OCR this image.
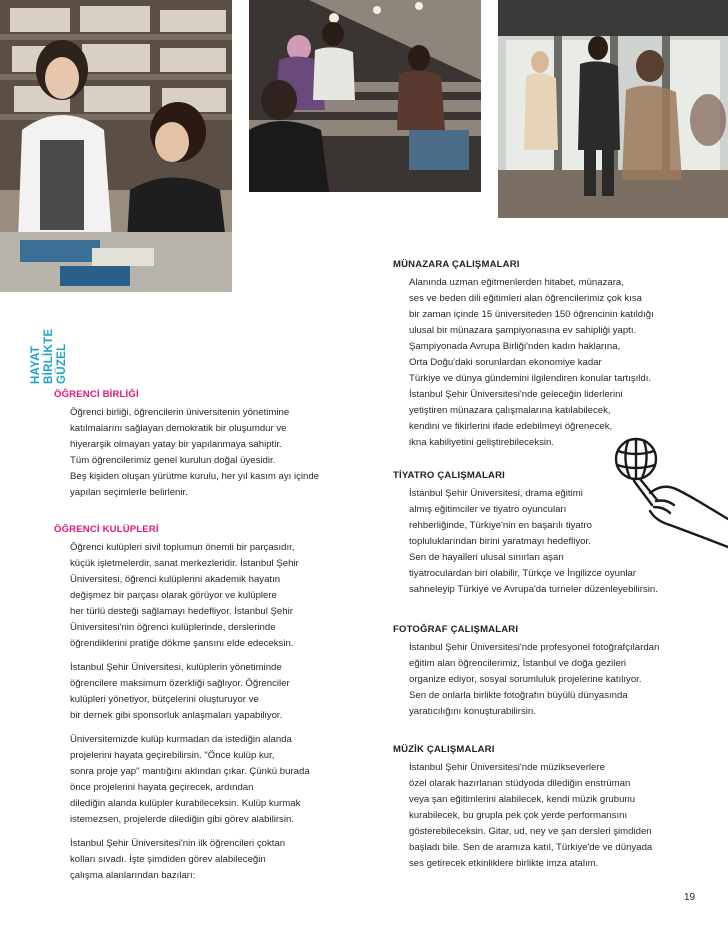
HAYAT BİRLİKTE GÜZEL
ÖĞRENCİ BİRLİĞİ

Öğrenci birliği, öğrencilerin üniversitenin yönetimine
katılmalarını sağlayan demokratik bir oluşumdur ve
hiyerarşik olmayan yatay bir yapılanmaya sahiptir.
Tüm öğrencilerimiz genel kurulun doğal üyesidir.
Beş kişiden oluşan yürütme kurulu, her yıl kasım ayı içinde
yapılan seçimlerle belirlenir.

ÖĞRENCİ KULÜPLERİ

Öğrenci kulüpleri sivil toplumun önemli bir parçasıdır,
küçük işletmelerdir, sanat merkezleridir. İstanbul Şehir
Üniversitesi, öğrenci kulüplerini akademik hayatın
değişmez bir parçası olarak görüyor ve kulüplere
her türlü desteği sağlamayı hedefliyor. İstanbul Şehir
Üniversitesi'nin öğrenci kulüplerinde, derslerinde
öğrendiklerini pratiğe dökme şansını elde edeceksin.

İstanbul Şehir Üniversitesi, kulüplerin yönetiminde
öğrencilere maksimum özerkliği sağlıyor. Öğrenciler
kulüpleri yönetiyor, bütçelerini oluşturuyor ve
bir dernek gibi sponsorluk anlaşmaları yapabiliyor.

Üniversitemizde kulüp kurmadan da istediğin alanda
projelerini hayata geçirebilirsin. "Önce kulüp kur,
sonra proje yap" mantığını aklından çıkar. Çünkü burada
önce projelerini hayata geçirecek, ardından
dilediğin alanda kulüpler kurabileceksin. Kulüp kurmak
istemezsen, projelerde dilediğin gibi görev alabilirsin.

İstanbul Şehir Üniversitesi'nin ilk öğrencileri çoktan
kolları sıvadı. İşte şimdiden görev alabileceğin
çalışma alanlarından bazıları:

MÜNAZARA ÇALIŞMALARI

Alanında uzman eğitmenlerden hitabet, münazara,
ses ve beden dili eğitimleri alan öğrencilerimiz çok kısa
bir zaman içinde 15 üniversiteden 150 öğrencinin katıldığı
ulusal bir münazara şampiyonasına ev sahipliği yaptı.
Şampiyonada Avrupa Birliği'nden kadın haklarına,
Orta Doğu'daki sorunlardan ekonomiye kadar
Türkiye ve dünya gündemini ilgilendiren konular tartışıldı.
İstanbul Şehir Üniversitesi'nde geleceğin liderlerini
yetiştiren münazara çalışmalarına katılabilecek,
kendini ve fikirlerini ifade edebilmeyi öğrenecek,
ikna kabiliyetini geliştirebileceksin.

TİYATRO ÇALIŞMALARI

İstanbul Şehir Üniversitesi, drama eğitimi
almış eğitimciler ve tiyatro oyuncuları
rehberliğinde, Türkiye'nin en başarılı tiyatro
topluluklarından birini yaratmayı hedefliyor.
Sen de hayalleri ulusal sınırları aşan
tiyatroculardan biri olabilir, Türkçe ve İngilizce oyunlar
sahneleyip Türkiye ve Avrupa'da turneler düzenleyebilirsin.

FOTOĞRAF ÇALIŞMALARI

İstanbul Şehir Üniversitesi'nde profesyonel fotoğrafçılardan
eğitim alan öğrencilerimiz, İstanbul ve doğa gezileri
organize ediyor, sosyal sorumluluk projelerine katılıyor.
Sen de onlarla birlikte fotoğrafın büyülü dünyasında
yaratıcılığını konuşturabilirsin.

MÜZİK ÇALIŞMALARI

İstanbul Şehir Üniversitesi'nde müzikseverlere
özel olarak hazırlanan stüdyoda dilediğin enstrüman
veya şan eğitimlerini alabilecek, kendi müzik grubunu
kurabilecek, bu grupla pek çok yerde performansını
gösterebileceksin. Gitar, ud, ney ve şan dersleri şimdiden
başladı bile. Sen de aramıza katıl, Türkiye'de ve dünyada
ses getirecek etkinliklere birlikte imza atalım.

19
